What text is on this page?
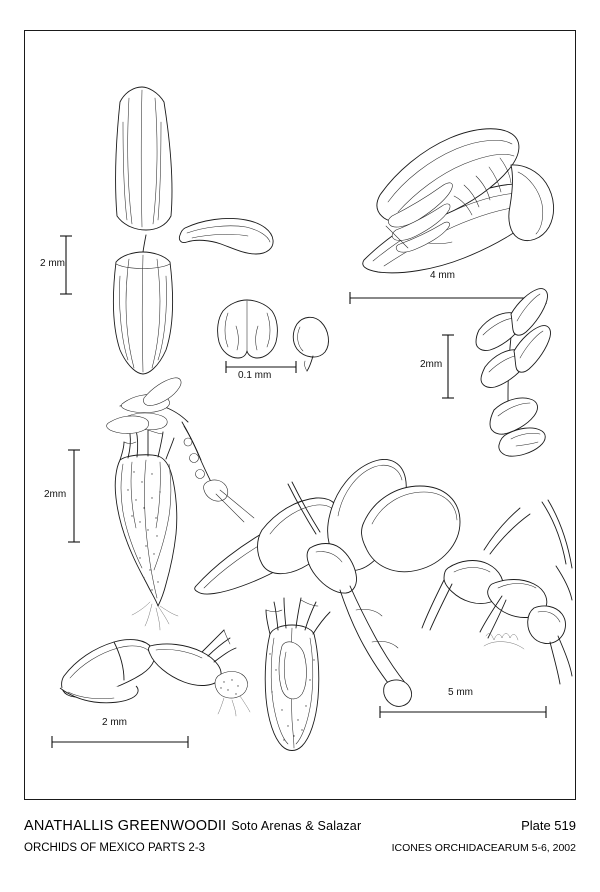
2 mm
0.1 mm
4 mm
2mm
2mm
5 mm
2 mm
ANATHALLIS GREENWOODII Soto Arenas & Salazar	Plate 519
ORCHIDS OF MEXICO PARTS 2-3	ICONES ORCHIDACEARUM 5-6, 2002
